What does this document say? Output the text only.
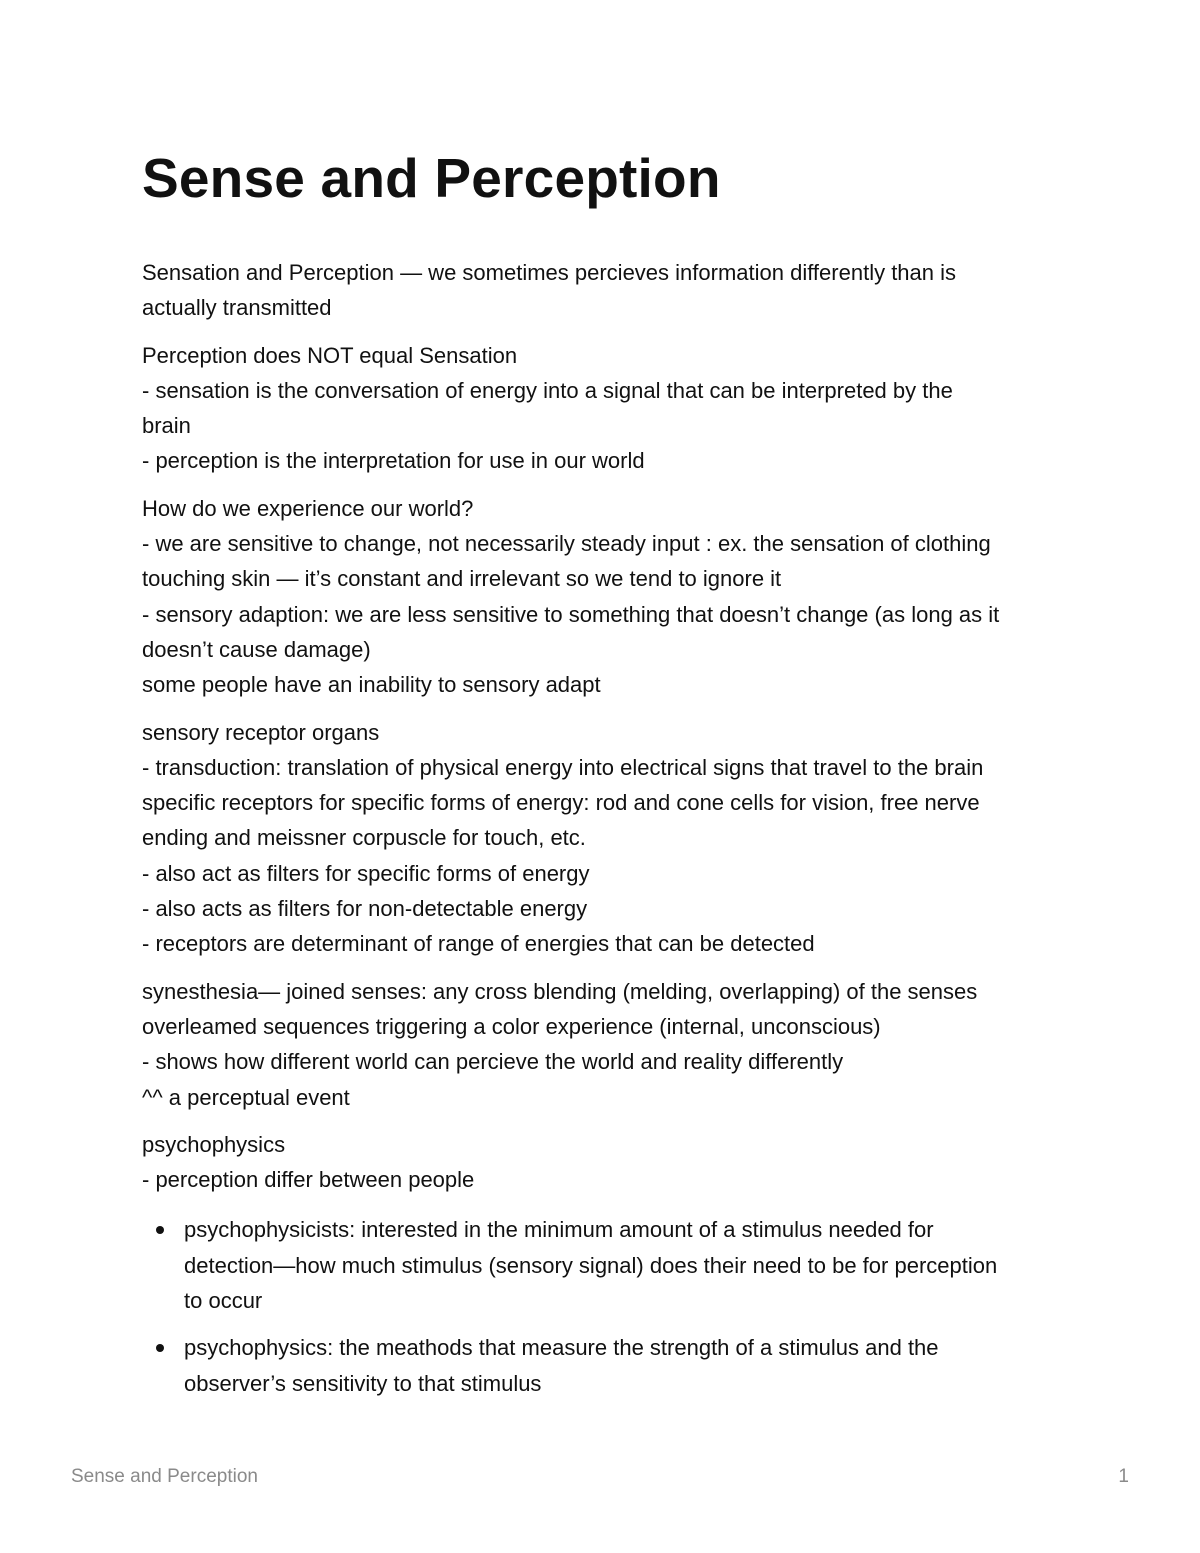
Sense and Perception

Sensation and Perception — we sometimes percieves information differently than is
actually transmitted

Perception does NOT equal Sensation
- sensation is the conversation of energy into a signal that can be interpreted by the
brain
- perception is the interpretation for use in our world

How do we experience our world?
- we are sensitive to change, not necessarily steady input : ex. the sensation of clothing
touching skin — it’s constant and irrelevant so we tend to ignore it
- sensory adaption: we are less sensitive to something that doesn’t change (as long as it
doesn’t cause damage)
some people have an inability to sensory adapt

sensory receptor organs
- transduction: translation of physical energy into electrical signs that travel to the brain
specific receptors for specific forms of energy: rod and cone cells for vision, free nerve
ending and meissner corpuscle for touch, etc.
- also act as filters for specific forms of energy
- also acts as filters for non-detectable energy
- receptors are determinant of range of energies that can be detected

synesthesia— joined senses: any cross blending (melding, overlapping) of the senses
overleamed sequences triggering a color experience (internal, unconscious)
- shows how different world can percieve the world and reality differently
^^ a perceptual event

psychophysics
- perception differ between people

psychophysicists: interested in the minimum amount of a stimulus needed for
detection—how much stimulus (sensory signal) does their need to be for perception
to occur
psychophysics: the meathods that measure the strength of a stimulus and the
observer’s sensitivity to that stimulus
Sense and Perception	1
